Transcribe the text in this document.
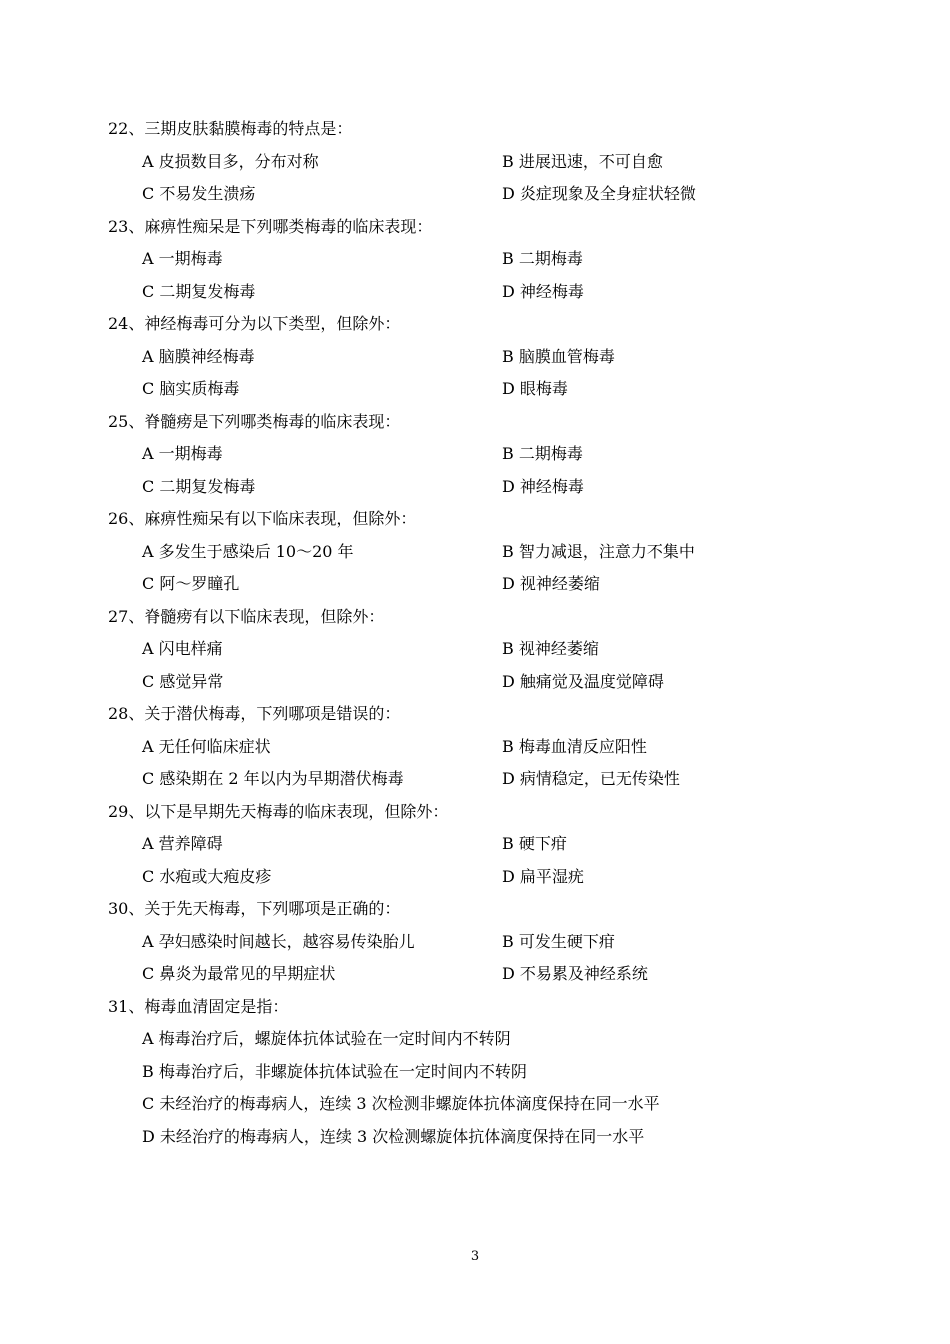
22、三期皮肤黏膜梅毒的特点是：
A 皮损数目多，分布对称	B 进展迅速，不可自愈
C 不易发生溃疡	D 炎症现象及全身症状轻微
23、麻痹性痴呆是下列哪类梅毒的临床表现：
A 一期梅毒	B 二期梅毒
C 二期复发梅毒	D 神经梅毒
24、神经梅毒可分为以下类型，但除外：
A 脑膜神经梅毒	B 脑膜血管梅毒
C 脑实质梅毒	D 眼梅毒
25、脊髓痨是下列哪类梅毒的临床表现：
A 一期梅毒	B 二期梅毒
C 二期复发梅毒	D 神经梅毒
26、麻痹性痴呆有以下临床表现，但除外：
A 多发生于感染后 10～20 年	B 智力减退，注意力不集中
C 阿～罗瞳孔	D 视神经萎缩
27、脊髓痨有以下临床表现，但除外：
A 闪电样痛	B 视神经萎缩
C 感觉异常	D 触痛觉及温度觉障碍
28、关于潜伏梅毒，下列哪项是错误的：
A 无任何临床症状	B 梅毒血清反应阳性
C 感染期在 2 年以内为早期潜伏梅毒	D 病情稳定，已无传染性
29、以下是早期先天梅毒的临床表现，但除外：
A 营养障碍	B 硬下疳
C 水疱或大疱皮疹	D 扁平湿疣
30、关于先天梅毒，下列哪项是正确的：
A 孕妇感染时间越长，越容易传染胎儿	B 可发生硬下疳
C 鼻炎为最常见的早期症状	D 不易累及神经系统
31、梅毒血清固定是指：
A 梅毒治疗后，螺旋体抗体试验在一定时间内不转阴
B 梅毒治疗后，非螺旋体抗体试验在一定时间内不转阴
C 未经治疗的梅毒病人，连续 3 次检测非螺旋体抗体滴度保持在同一水平
D 未经治疗的梅毒病人，连续 3 次检测螺旋体抗体滴度保持在同一水平
3
